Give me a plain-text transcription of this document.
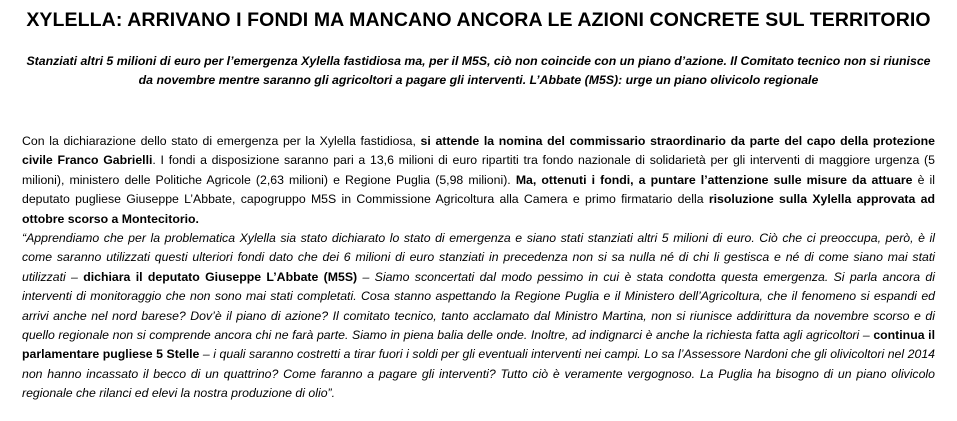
XYLELLA: ARRIVANO I FONDI MA MANCANO ANCORA LE AZIONI CONCRETE SUL TERRITORIO
Stanziati altri 5 milioni di euro per l’emergenza Xylella fastidiosa ma, per il M5S, ciò non coincide con un piano d’azione. Il Comitato tecnico non si riunisce da novembre mentre saranno gli agricoltori a pagare gli interventi. L’Abbate (M5S): urge un piano olivicolo regionale

Con la dichiarazione dello stato di emergenza per la Xylella fastidiosa, si attende la nomina del commissario straordinario da parte del capo della protezione civile Franco Gabrielli. I fondi a disposizione saranno pari a 13,6 milioni di euro ripartiti tra fondo nazionale di solidarietà per gli interventi di maggiore urgenza (5 milioni), ministero delle Politiche Agricole (2,63 milioni) e Regione Puglia (5,98 milioni). Ma, ottenuti i fondi, a puntare l’attenzione sulle misure da attuare è il deputato pugliese Giuseppe L’Abbate, capogruppo M5S in Commissione Agricoltura alla Camera e primo firmatario della risoluzione sulla Xylella approvata ad ottobre scorso a Montecitorio.

“Apprendiamo che per la problematica Xylella sia stato dichiarato lo stato di emergenza e siano stati stanziati altri 5 milioni di euro. Ciò che ci preoccupa, però, è il come saranno utilizzati questi ulteriori fondi dato che dei 6 milioni di euro stanziati in precedenza non si sa nulla né di chi li gestisca e né di come siano mai stati utilizzati – dichiara il deputato Giuseppe L’Abbate (M5S) – Siamo sconcertati dal modo pessimo in cui è stata condotta questa emergenza. Si parla ancora di interventi di monitoraggio che non sono mai stati completati. Cosa stanno aspettando la Regione Puglia e il Ministero dell’Agricoltura, che il fenomeno si espandi ed arrivi anche nel nord barese? Dov’è il piano di azione? Il comitato tecnico, tanto acclamato dal Ministro Martina, non si riunisce addirittura da novembre scorso e di quello regionale non si comprende ancora chi ne farà parte. Siamo in piena balia delle onde. Inoltre, ad indignarci è anche la richiesta fatta agli agricoltori – continua il parlamentare pugliese 5 Stelle – i quali saranno costretti a tirar fuori i soldi per gli eventuali interventi nei campi. Lo sa l’Assessore Nardoni che gli olivicoltori nel 2014 non hanno incassato il becco di un quattrino? Come faranno a pagare gli interventi? Tutto ciò è veramente vergognoso. La Puglia ha bisogno di un piano olivicolo regionale che rilanci ed elevi la nostra produzione di olio”.
